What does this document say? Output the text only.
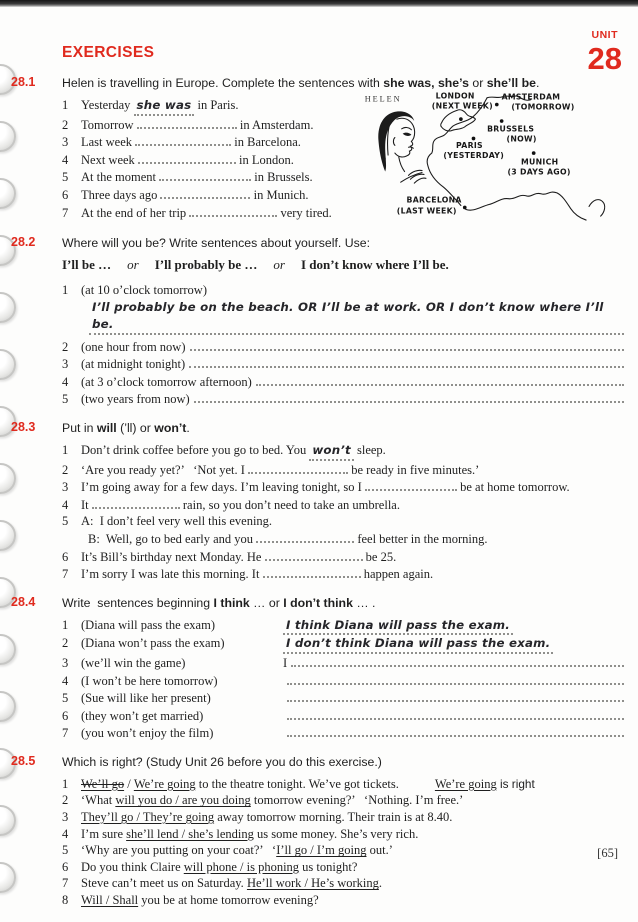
UNIT
28
EXERCISES
28.1 Helen is travelling in Europe. Complete the sentences with she was, she’s or she’ll be.
1	Yesterday she was in Paris.
2	Tomorrow	in Amsterdam.
3	Last week	in Barcelona.
4	Next week	in London.
5	At the moment	in Brussels.
6	Three days ago	in Munich.
7	At the end of her trip	very tired.
HELEN	LONDON
(NEXT WEEK)
AMSTERDAM
(TOMORROW)
BRUSSELS
(NOW)
PARIS
(YESTERDAY)
MUNICH
(3 DAYS AGO)
BARCELONA
(LAST WEEK)
28.2 Where will you be? Write sentences about yourself. Use:
I’ll be … or I’ll probably be … or I don’t know where I’ll be.
1	(at 10 o’clock tomorrow)
I’ll probably be on the beach. OR I’ll be at work. OR I don’t know where I’ll be.
2	(one hour from now)
3	(at midnight tonight)
4	(at 3 o’clock tomorrow afternoon)
5	(two years from now)
28.3 Put in will (’ll) or won’t.
1	Don’t drink coffee before you go to bed. You won’t sleep.
2	‘Are you ready yet?’   ‘Not yet. I	be ready in five minutes.’
3	I’m going away for a few days. I’m leaving tonight, so I	be at home tomorrow.
4	It	rain, so you don’t need to take an umbrella.
5	A:  I don’t feel very well this evening.
B:  Well, go to bed early and you	feel better in the morning.
6	It’s Bill’s birthday next Monday. He	be 25.
7	I’m sorry I was late this morning. It	happen again.
28.4 Write  sentences beginning I think … or I don’t think … .
1	(Diana will pass the exam)	I think Diana will pass the exam.
2	(Diana won’t pass the exam)	I don’t think Diana will pass the exam.
3	(we’ll win the game)	I
4	(I won’t be here tomorrow)
5	(Sue will like her present)
6	(they won’t get married)
7	(you won’t enjoy the film)
28.5 Which is right? (Study Unit 26 before you do this exercise.)
1	We’ll go / We’re going to the theatre tonight. We’ve got tickets.	We’re going is right
2	‘What will you do / are you doing tomorrow evening?’   ‘Nothing. I’m free.’
3	They’ll go / They’re going away tomorrow morning. Their train is at 8.40.
4	I’m sure she’ll lend / she’s lending us some money. She’s very rich.
5	‘Why are you putting on your coat?’   ‘ I’ll go / I’m going out.’
6	Do you think Claire will phone / is phoning us tonight?
7	Steve can’t meet us on Saturday. He’ll work / He’s working .
8	Will / Shall you be at home tomorrow evening?
[65]
